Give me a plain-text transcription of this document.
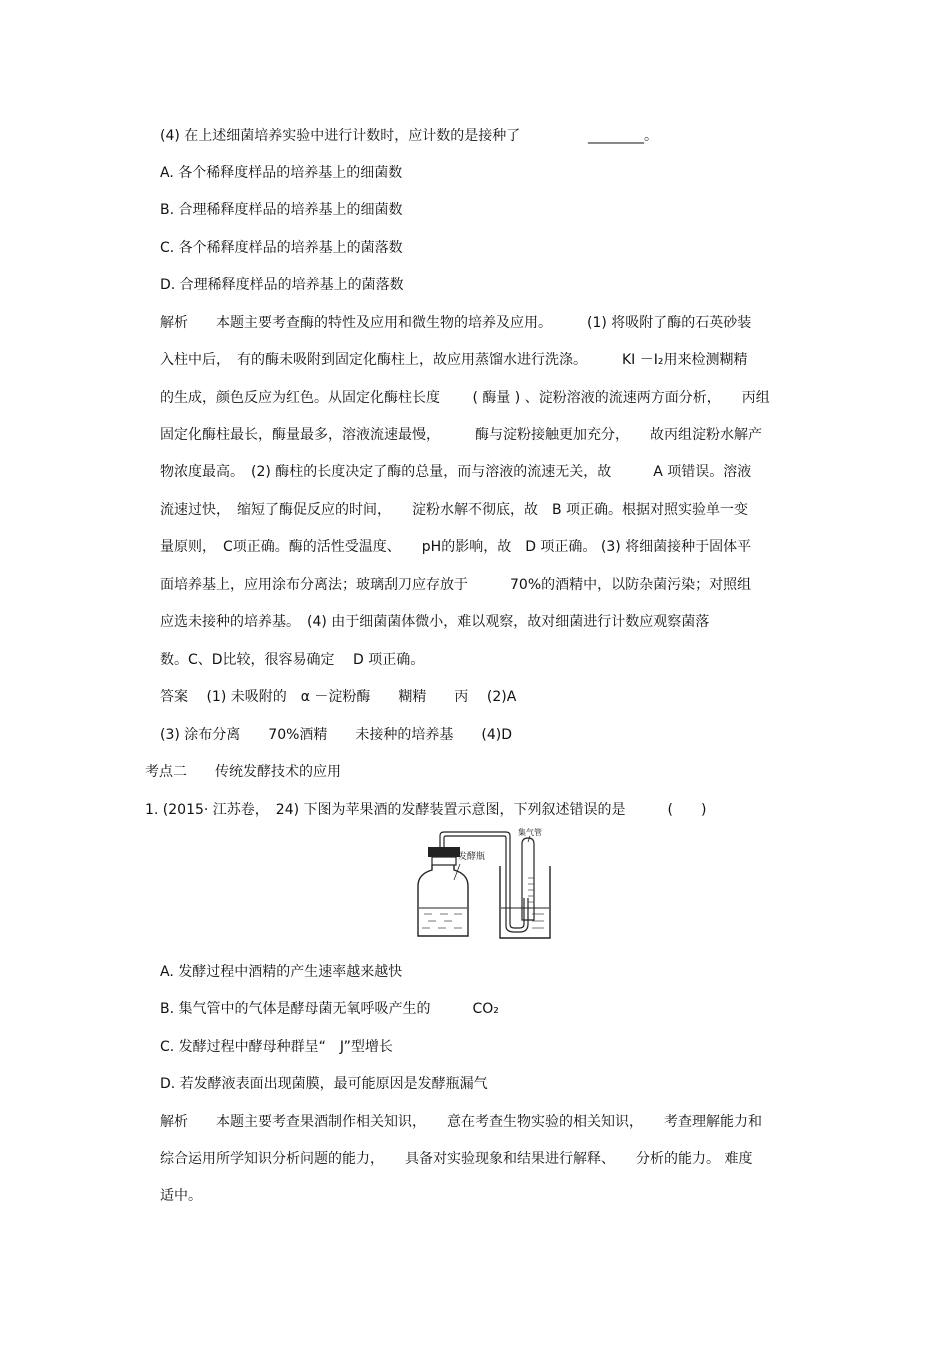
(4) 在上述细菌培养实验中进行计数时，应计数的是接种了	________。
A. 各个稀释度样品的培养基上的细菌数
B. 合理稀释度样品的培养基上的细菌数
C. 各个稀释度样品的培养基上的菌落数
D. 合理稀释度样品的培养基上的菌落数
解析　　本题主要考查酶的特性及应用和微生物的培养及应用。　　　(1) 将吸附了酶的石英砂装
入柱中后，　有的酶未吸附到固定化酶柱上，故应用蒸馏水进行洗涤。　　　KI －I₂用来检测糊精
的生成，颜色反应为红色。从固定化酶柱长度　　 ( 酶量 ) 、淀粉溶液的流速两方面分析，　　丙组
固定化酶柱最长，酶量最多，溶液流速最慢，　　　酶与淀粉接触更加充分，　　故丙组淀粉水解产
物浓度最高。　(2) 酶柱的长度决定了酶的总量，而与溶液的流速无关，故　　　A 项错误。溶液
流速过快，　缩短了酶促反应的时间，　　淀粉水解不彻底，故　B 项正确。根据对照实验单一变
量原则，　C项正确。酶的活性受温度、　　pH的影响，故　D 项正确。 (3) 将细菌接种于固体平
面培养基上，应用涂布分离法；玻璃刮刀应存放于　　　70%的酒精中，以防杂菌污染；对照组
应选未接种的培养基。　(4) 由于细菌菌体微小，难以观察，故对细菌进行计数应观察菌落
数。C、D比较，很容易确定　 D 项正确。
答案　 (1) 未吸附的　α －淀粉酶　　糊精　　丙　 (2)A
(3) 涂布分离　　70%酒精　　未接种的培养基　　(4)D
考点二　　传统发酵技术的应用
1. (2015· 江苏卷，　24) 下图为苹果酒的发酵装置示意图，下列叙述错误的是　　　(　　)
发酵瓶
集气管
A. 发酵过程中酒精的产生速率越来越快
B. 集气管中的气体是酵母菌无氧呼吸产生的　　　CO₂
C. 发酵过程中酵母种群呈“　J”型增长
D. 若发酵液表面出现菌膜，最可能原因是发酵瓶漏气
解析　　本题主要考查果酒制作相关知识，　　意在考查生物实验的相关知识，　　考查理解能力和
综合运用所学知识分析问题的能力，　　具备对实验现象和结果进行解释、　　分析的能力。 难度
适中。
